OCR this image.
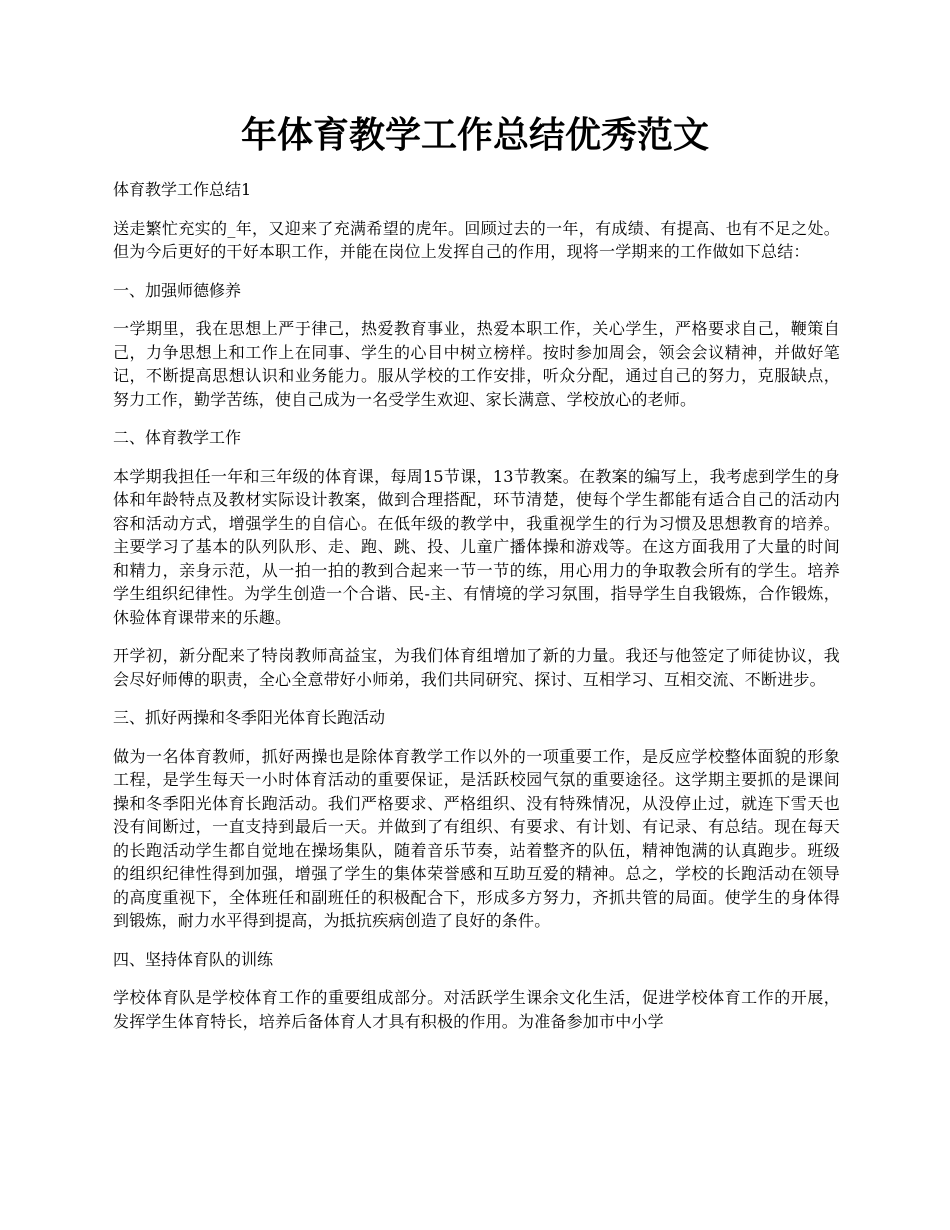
年体育教学工作总结优秀范文

体育教学工作总结1

送走繁忙充实的_年，又迎来了充满希望的虎年。回顾过去的一年，有成绩、有提高、也有不足之处。但为今后更好的干好本职工作，并能在岗位上发挥自己的作用，现将一学期来的工作做如下总结：

一、加强师德修养

一学期里，我在思想上严于律己，热爱教育事业，热爱本职工作，关心学生，严格要求自己，鞭策自己，力争思想上和工作上在同事、学生的心目中树立榜样。按时参加周会，领会会议精神，并做好笔记，不断提高思想认识和业务能力。服从学校的工作安排，听众分配，通过自己的努力，克服缺点，努力工作，勤学苦练，使自己成为一名受学生欢迎、家长满意、学校放心的老师。

二、体育教学工作

本学期我担任一年和三年级的体育课，每周15节课，13节教案。在教案的编写上，我考虑到学生的身体和年龄特点及教材实际设计教案，做到合理搭配，环节清楚，使每个学生都能有适合自己的活动内容和活动方式，增强学生的自信心。在低年级的教学中，我重视学生的行为习惯及思想教育的培养。主要学习了基本的队列队形、走、跑、跳、投、儿童广播体操和游戏等。在这方面我用了大量的时间和精力，亲身示范，从一拍一拍的教到合起来一节一节的练，用心用力的争取教会所有的学生。培养学生组织纪律性。为学生创造一个合谐、民-主、有情境的学习氛围，指导学生自我锻炼，合作锻炼，休验体育课带来的乐趣。

开学初，新分配来了特岗教师高益宝，为我们体育组增加了新的力量。我还与他签定了师徒协议，我会尽好师傅的职责，全心全意带好小师弟，我们共同研究、探讨、互相学习、互相交流、不断进步。

三、抓好两操和冬季阳光体育长跑活动

做为一名体育教师，抓好两操也是除体育教学工作以外的一项重要工作，是反应学校整体面貌的形象工程，是学生每天一小时体育活动的重要保证，是活跃校园气氛的重要途径。这学期主要抓的是课间操和冬季阳光体育长跑活动。我们严格要求、严格组织、没有特殊情况，从没停止过，就连下雪天也没有间断过，一直支持到最后一天。并做到了有组织、有要求、有计划、有记录、有总结。现在每天的长跑活动学生都自觉地在操场集队，随着音乐节奏，站着整齐的队伍，精神饱满的认真跑步。班级的组织纪律性得到加强，增强了学生的集体荣誉感和互助互爱的精神。总之，学校的长跑活动在领导的高度重视下，全体班任和副班任的积极配合下，形成多方努力，齐抓共管的局面。使学生的身体得到锻炼，耐力水平得到提高，为抵抗疾病创造了良好的条件。

四、坚持体育队的训练

学校体育队是学校体育工作的重要组成部分。对活跃学生课余文化生活，促进学校体育工作的开展，发挥学生体育特长，培养后备体育人才具有积极的作用。为准备参加市中小学
